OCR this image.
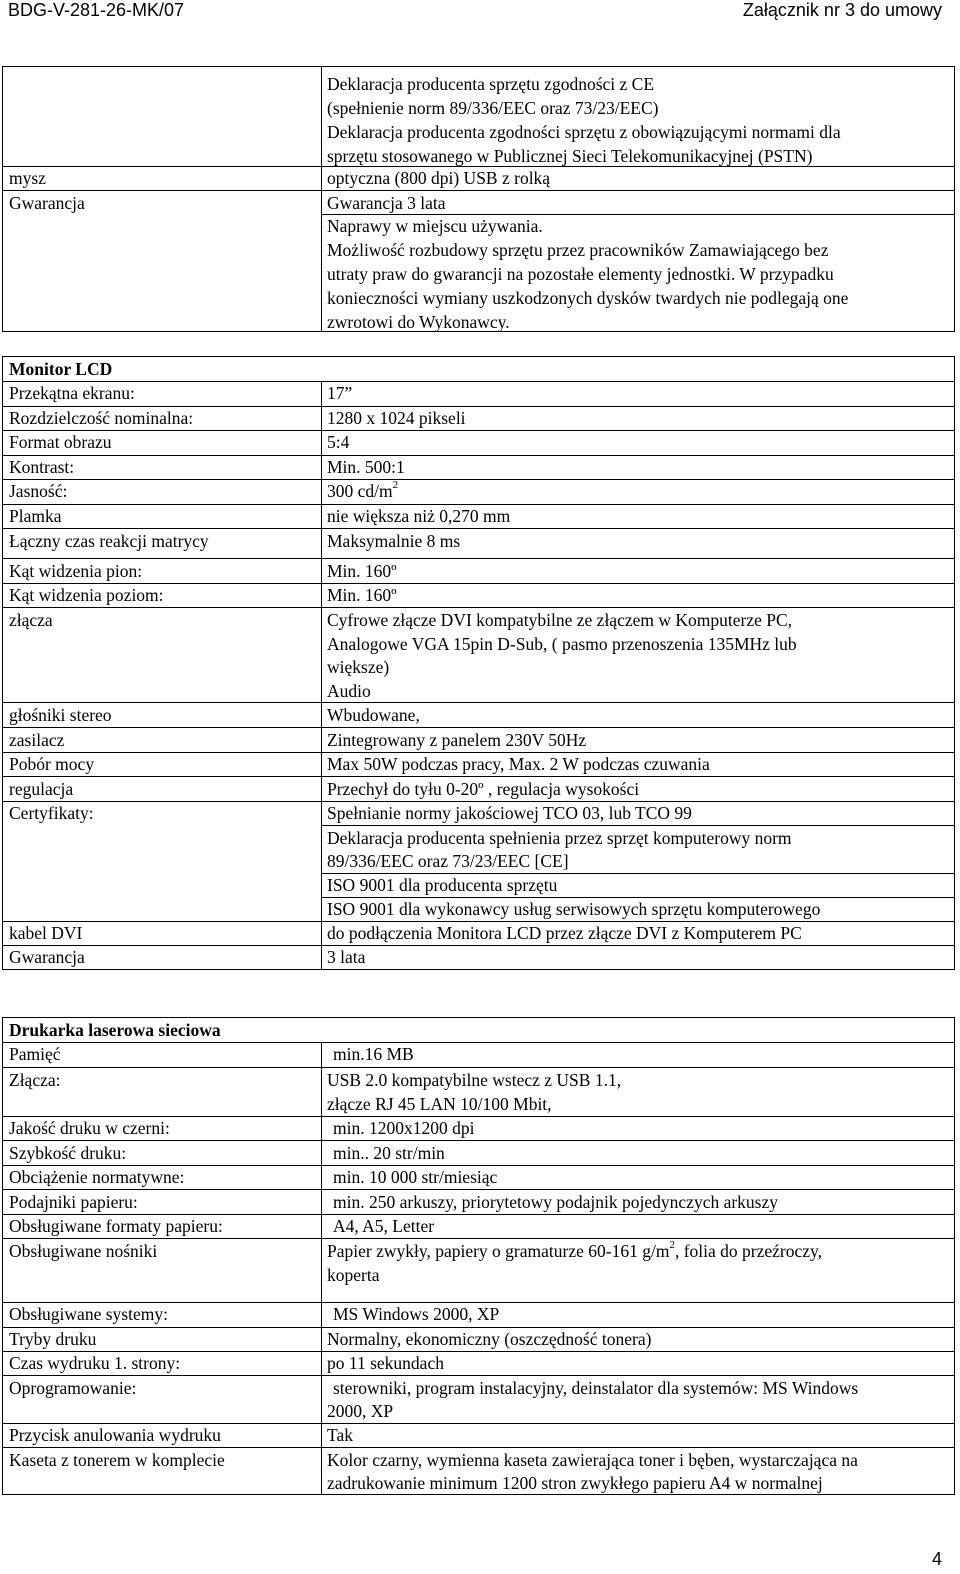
BDG-V-281-26-MK/07	Załącznik nr 3 do umowy
Deklaracja producenta sprzętu zgodności z CE
(spełnienie norm 89/336/EEC oraz 73/23/EEC)
Deklaracja producenta zgodności sprzętu z obowiązującymi normami dla
sprzętu stosowanego w Publicznej Sieci Telekomunikacyjnej (PSTN)
mysz	optyczna (800 dpi) USB z rolką
Gwarancja	Gwarancja 3 lata
Naprawy w miejscu używania.
Możliwość rozbudowy sprzętu przez pracowników Zamawiającego bez
utraty praw do gwarancji na pozostałe elementy jednostki. W przypadku
konieczności wymiany uszkodzonych dysków twardych nie podlegają one
zwrotowi do Wykonawcy.
Monitor LCD
Przekątna ekranu:	17”
Rozdzielczość nominalna:	1280 x 1024 pikseli
Format obrazu	5:4
Kontrast:	Min. 500:1
Jasność:	300 $cd/m^2$
Plamka	nie większa niż 0,270 mm
Łączny czas reakcji matrycy	Maksymalnie 8 ms
Kąt widzenia pion:	Min. 160º
Kąt widzenia poziom:	Min. 160º
złącza	Cyfrowe złącze DVI kompatybilne ze złączem w Komputerze PC,
Analogowe VGA 15pin D-Sub, ( pasmo przenoszenia 135MHz lub
większe)
Audio
głośniki stereo	Wbudowane,
zasilacz	Zintegrowany z panelem 230V 50Hz
Pobór mocy	Max 50W podczas pracy, Max. 2 W podczas czuwania
regulacja	Przechył do tyłu 0-20º , regulacja wysokości
Certyfikaty:	Spełnianie normy jakościowej TCO 03, lub TCO 99
Deklaracja producenta spełnienia przez sprzęt komputerowy norm
89/336/EEC oraz 73/23/EEC [CE]
ISO 9001 dla producenta sprzętu
ISO 9001 dla wykonawcy usług serwisowych sprzętu komputerowego
kabel DVI	do podłączenia Monitora LCD przez złącze DVI z Komputerem PC
Gwarancja	3 lata
Drukarka laserowa sieciowa
Pamięć	min.16 MB
Złącza:	USB 2.0 kompatybilne wstecz z USB 1.1,
złącze RJ 45 LAN 10/100 Mbit,
Jakość druku w czerni:	min. 1200x1200 dpi
Szybkość druku:	min.. 20 str/min
Obciążenie normatywne:	min. 10 000 str/miesiąc
Podajniki papieru:	min. 250 arkuszy, priorytetowy podajnik pojedynczych arkuszy
Obsługiwane formaty papieru:	A4, A5, Letter
Obsługiwane nośniki	Papier zwykły, papiery o gramaturze 60-161 $g/m^2$, folia do przeźroczy,
koperta
Obsługiwane systemy:	MS Windows 2000, XP
Tryby druku	Normalny, ekonomiczny (oszczędność tonera)
Czas wydruku 1. strony:	po 11 sekundach
Oprogramowanie:	sterowniki, program instalacyjny, deinstalator dla systemów: MS Windows
2000, XP
Przycisk anulowania wydruku	Tak
Kaseta z tonerem w komplecie	Kolor czarny, wymienna kaseta zawierająca toner i bęben, wystarczająca na
zadrukowanie minimum 1200 stron zwykłego papieru A4 w normalnej
4
